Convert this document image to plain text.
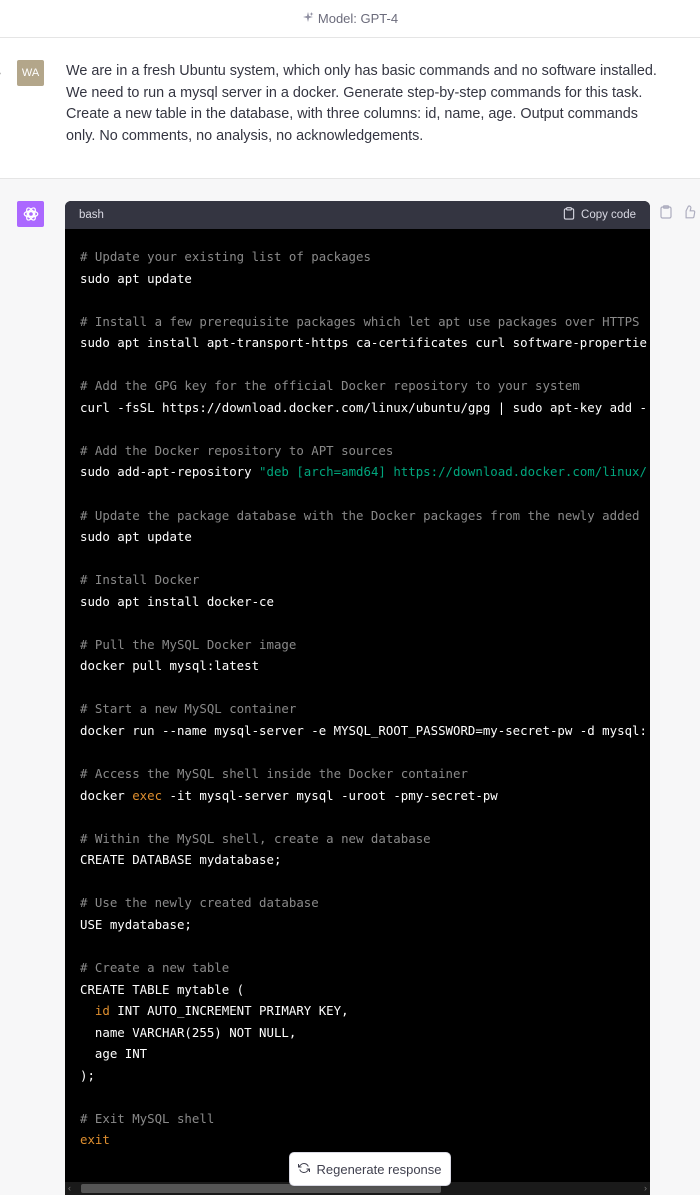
Model: GPT-4
WA	We are in a fresh Ubuntu system, which only has basic commands and no software installed. We need to run a mysql server in a docker. Generate step-by-step commands for this task. Create a new table in the database, with three columns: id, name, age. Output commands only. No comments, no analysis, no acknowledgements.
bash	Copy code
# Update your existing list of packages
sudo apt update

# Install a few prerequisite packages which let apt use packages over HTTPS
sudo apt install apt-transport-https ca-certificates curl software-propertie

# Add the GPG key for the official Docker repository to your system
curl -fsSL https://download.docker.com/linux/ubuntu/gpg | sudo apt-key add -

# Add the Docker repository to APT sources
sudo add-apt-repository "deb [arch=amd64] https://download.docker.com/linux/

# Update the package database with the Docker packages from the newly added
sudo apt update

# Install Docker
sudo apt install docker-ce

# Pull the MySQL Docker image
docker pull mysql:latest

# Start a new MySQL container
docker run --name mysql-server -e MYSQL_ROOT_PASSWORD=my-secret-pw -d mysql:

# Access the MySQL shell inside the Docker container
docker exec -it mysql-server mysql -uroot -pmy-secret-pw

# Within the MySQL shell, create a new database
CREATE DATABASE mydatabase;

# Use the newly created database
USE mydatabase;

# Create a new table
CREATE TABLE mytable (
id INT AUTO_INCREMENT PRIMARY KEY,
name VARCHAR(255) NOT NULL,
age INT
);

# Exit MySQL shell
exit
‹	›
Regenerate response
